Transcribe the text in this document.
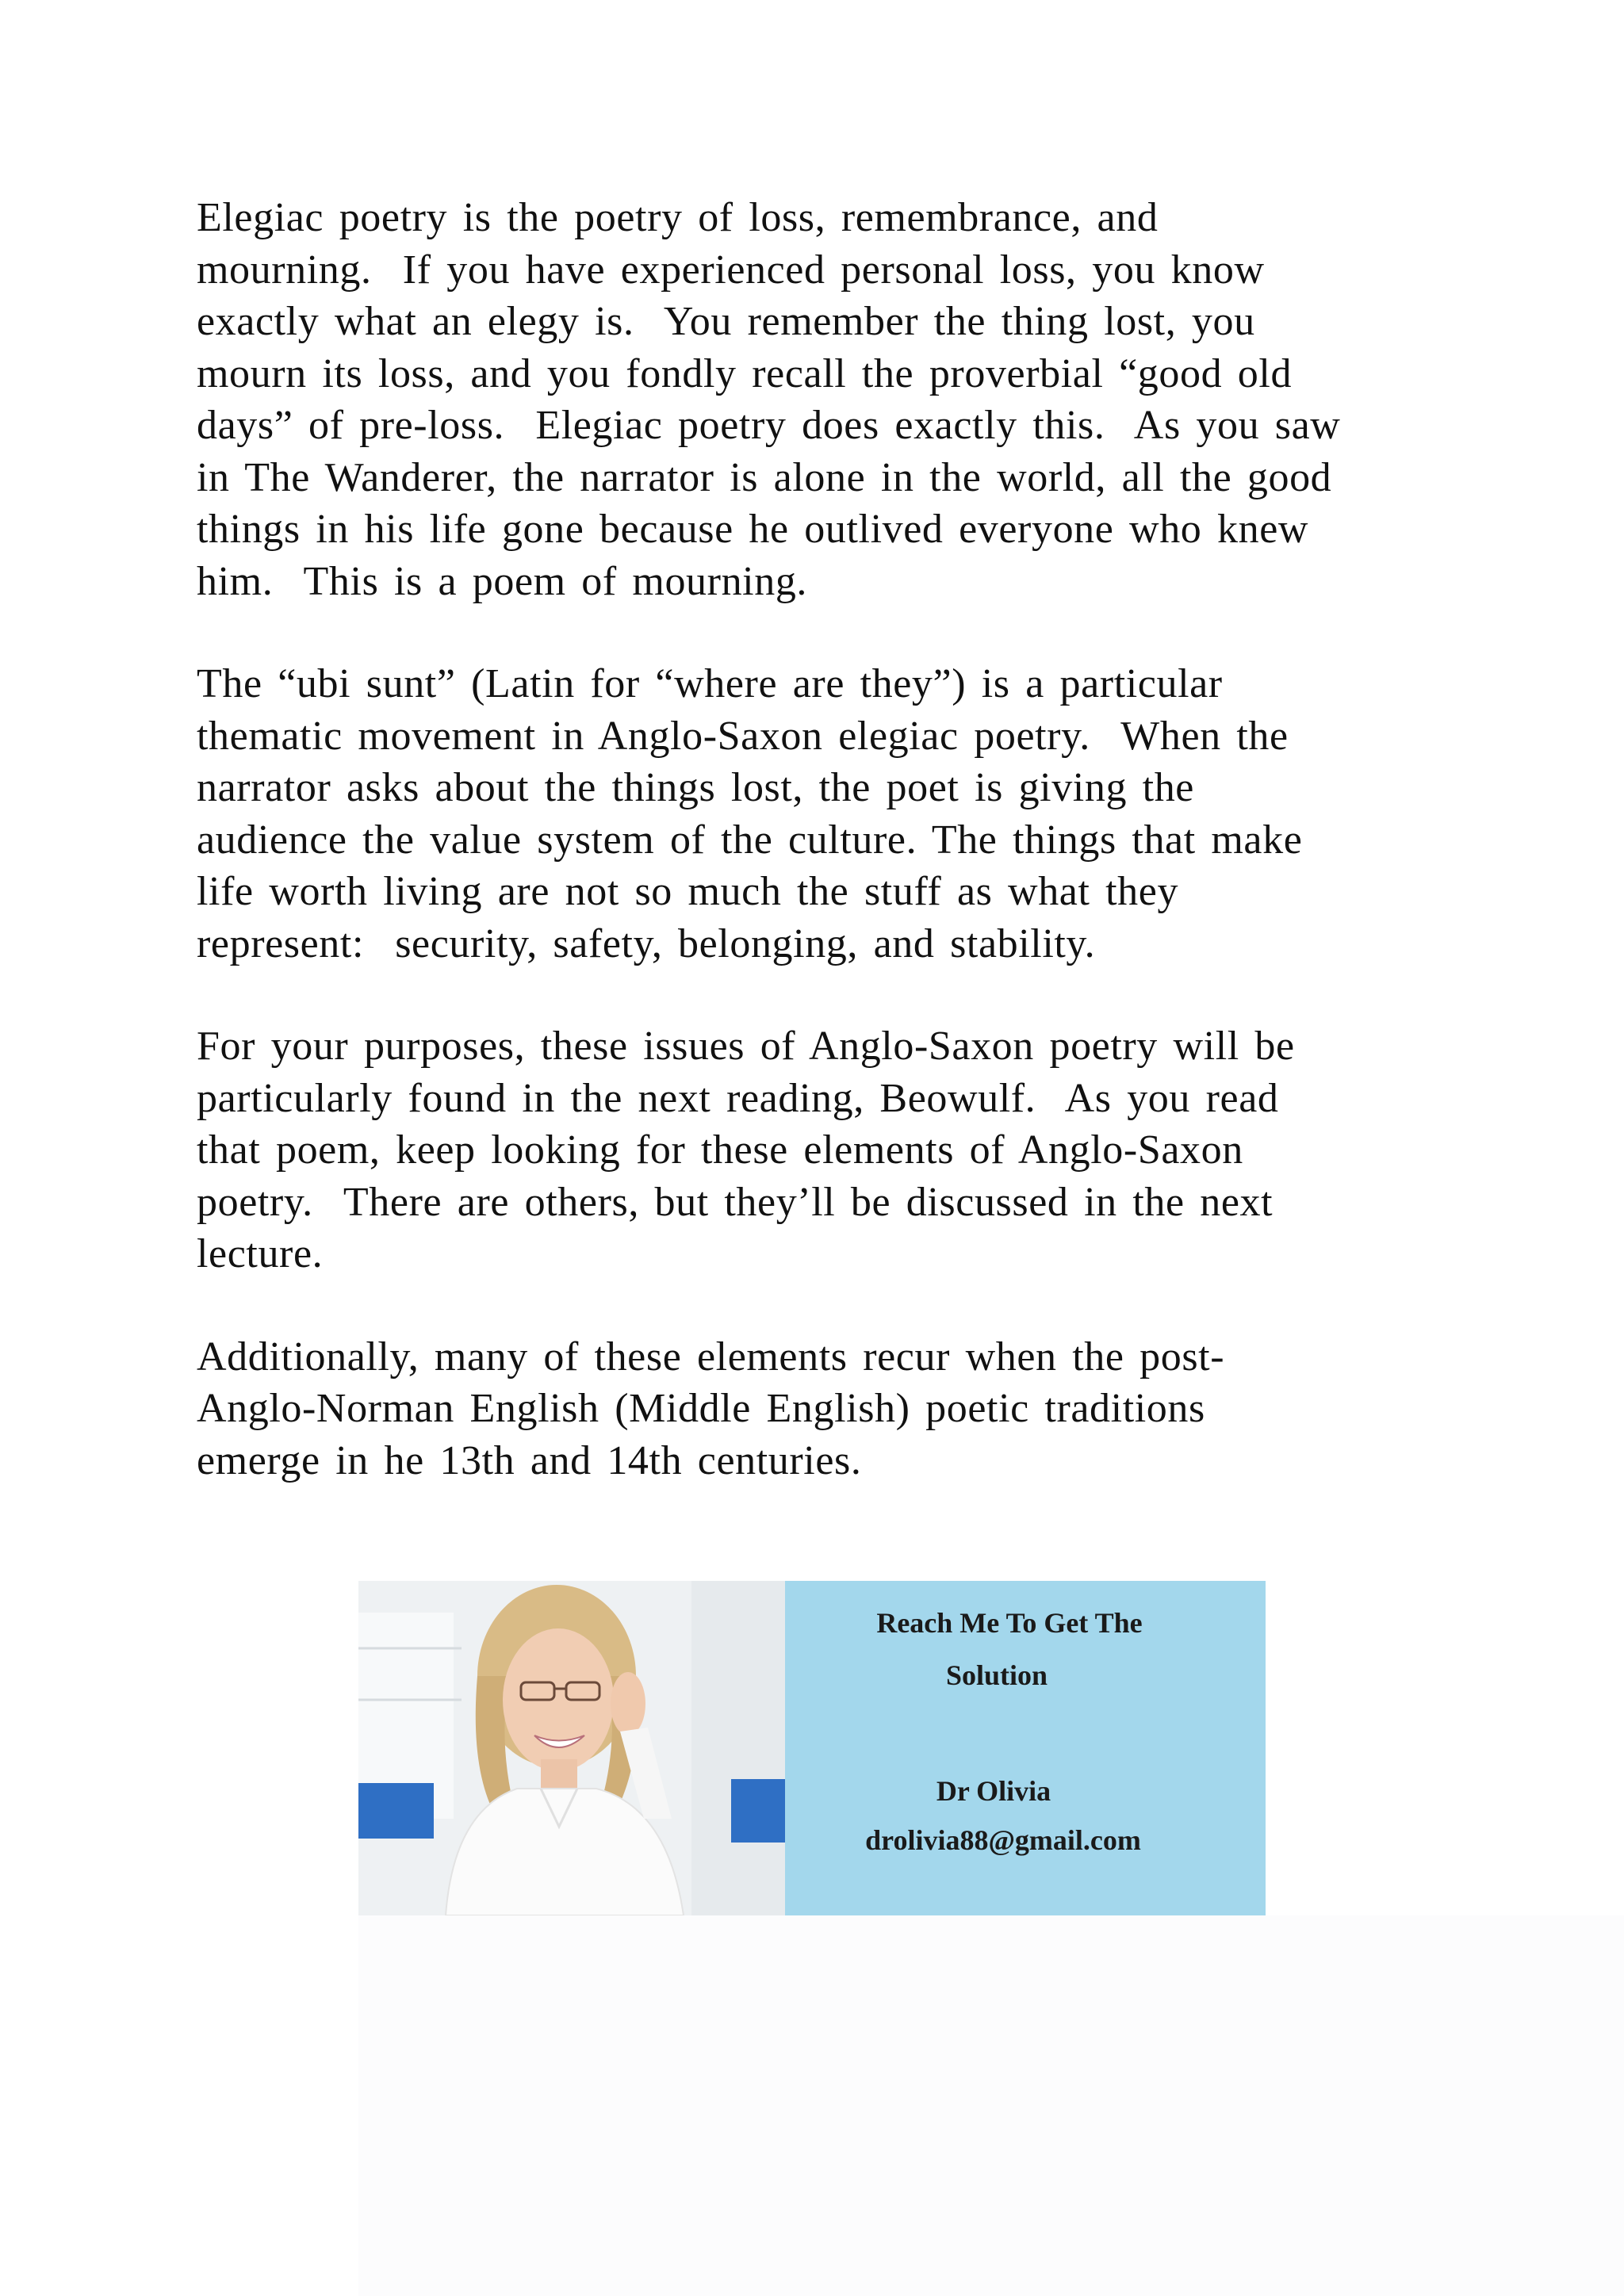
Elegiac poetry is the poetry of loss, remembrance, and
mourning.  If you have experienced personal loss, you know
exactly what an elegy is.  You remember the thing lost, you
mourn its loss, and you fondly recall the proverbial “good old
days” of pre-loss.  Elegiac poetry does exactly this.  As you saw
in The Wanderer, the narrator is alone in the world, all the good
things in his life gone because he outlived everyone who knew
him.  This is a poem of mourning.
The “ubi sunt” (Latin for “where are they”) is a particular
thematic movement in Anglo-Saxon elegiac poetry.  When the
narrator asks about the things lost, the poet is giving the
audience the value system of the culture. The things that make
life worth living are not so much the stuff as what they
represent:  security, safety, belonging, and stability.
For your purposes, these issues of Anglo-Saxon poetry will be
particularly found in the next reading, Beowulf.  As you read
that poem, keep looking for these elements of Anglo-Saxon
poetry.  There are others, but they’ll be discussed in the next
lecture.
Additionally, many of these elements recur when the post-
Anglo-Norman English (Middle English) poetic traditions
emerge in he 13th and 14th centuries.
Reach Me To Get The
Solution
Dr Olivia
drolivia88@gmail.com
